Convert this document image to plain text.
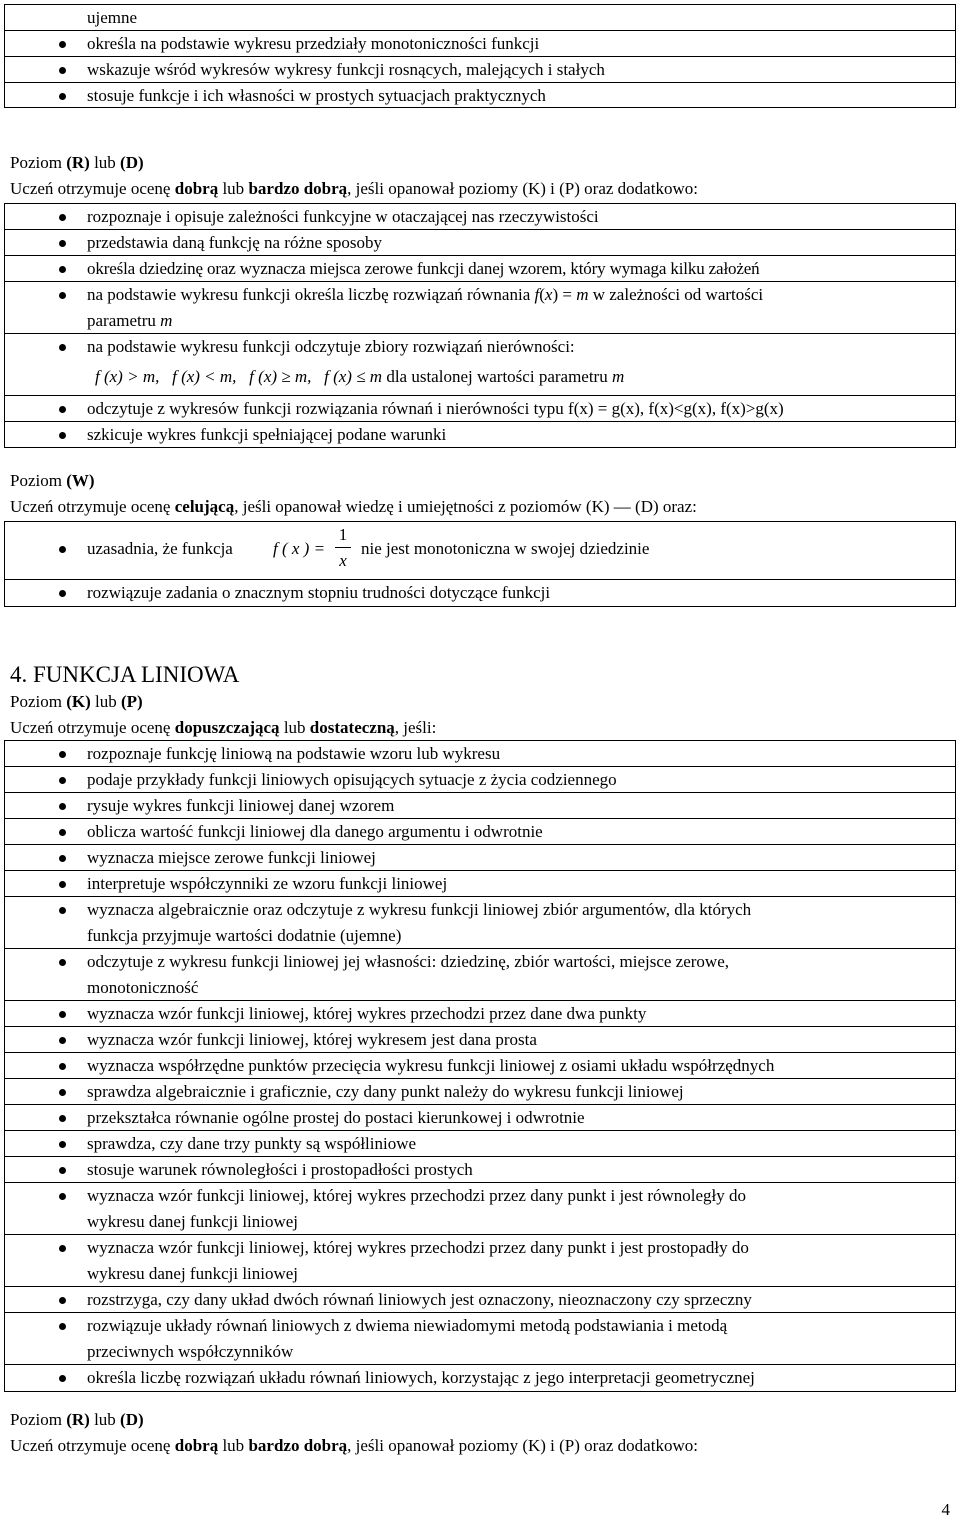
ujemne
określa na podstawie wykresu przedziały monotoniczności funkcji
wskazuje wśród wykresów wykresy funkcji rosnących, malejących i stałych
stosuje funkcje i ich własności w prostych sytuacjach praktycznych
Poziom (R) lub (D)
Uczeń otrzymuje ocenę dobrą lub bardzo dobrą, jeśli opanował poziomy (K) i (P) oraz dodatkowo:
rozpoznaje i opisuje zależności funkcyjne w otaczającej nas rzeczywistości
przedstawia daną funkcję na różne sposoby
określa dziedzinę oraz wyznacza miejsca zerowe funkcji danej wzorem, który wymaga kilku założeń
na podstawie wykresu funkcji określa liczbę rozwiązań równania f(x) = m w zależności od wartości
parametru m
na podstawie wykresu funkcji odczytuje zbiory rozwiązań nierówności:
f (x) > m,   f (x) < m,   f (x) ≥ m,   f (x) ≤ m dla ustalonej wartości parametru m
odczytuje z wykresów funkcji rozwiązania równań i nierówności typu f(x) = g(x), f(x)<g(x), f(x)>g(x)
szkicuje wykres funkcji spełniającej podane warunki
Poziom (W)
Uczeń otrzymuje ocenę celującą, jeśli opanował wiedzę i umiejętności z poziomów (K) — (D) oraz:
uzasadnia, że funkcja f ( x ) =
1
x
nie jest monotoniczna w swojej dziedzinie
rozwiązuje zadania o znacznym stopniu trudności dotyczące funkcji
4. FUNKCJA LINIOWA
Poziom (K) lub (P)
Uczeń otrzymuje ocenę dopuszczającą lub dostateczną, jeśli:
rozpoznaje funkcję liniową na podstawie wzoru lub wykresu
podaje przykłady funkcji liniowych opisujących sytuacje z życia codziennego
rysuje wykres funkcji liniowej danej wzorem
oblicza wartość funkcji liniowej dla danego argumentu i odwrotnie
wyznacza miejsce zerowe funkcji liniowej
interpretuje współczynniki ze wzoru funkcji liniowej
wyznacza algebraicznie oraz odczytuje z wykresu funkcji liniowej zbiór argumentów, dla których
funkcja przyjmuje wartości dodatnie (ujemne)
odczytuje z wykresu funkcji liniowej jej własności: dziedzinę, zbiór wartości, miejsce zerowe,
monotoniczność
wyznacza wzór funkcji liniowej, której wykres przechodzi przez dane dwa punkty
wyznacza wzór funkcji liniowej, której wykresem jest dana prosta
wyznacza współrzędne punktów przecięcia wykresu funkcji liniowej z osiami układu współrzędnych
sprawdza algebraicznie i graficznie, czy dany punkt należy do wykresu funkcji liniowej
przekształca równanie ogólne prostej do postaci kierunkowej i odwrotnie
sprawdza, czy dane trzy punkty są współliniowe
stosuje warunek równoległości i prostopadłości prostych
wyznacza wzór funkcji liniowej, której wykres przechodzi przez dany punkt i jest równoległy do
wykresu danej funkcji liniowej
wyznacza wzór funkcji liniowej, której wykres przechodzi przez dany punkt i jest prostopadły do
wykresu danej funkcji liniowej
rozstrzyga, czy dany układ dwóch równań liniowych jest oznaczony, nieoznaczony czy sprzeczny
rozwiązuje układy równań liniowych z dwiema niewiadomymi metodą podstawiania i metodą
przeciwnych współczynników
określa liczbę rozwiązań układu równań liniowych, korzystając z jego interpretacji geometrycznej
Poziom (R) lub (D)
Uczeń otrzymuje ocenę dobrą lub bardzo dobrą, jeśli opanował poziomy (K) i (P) oraz dodatkowo:
4
